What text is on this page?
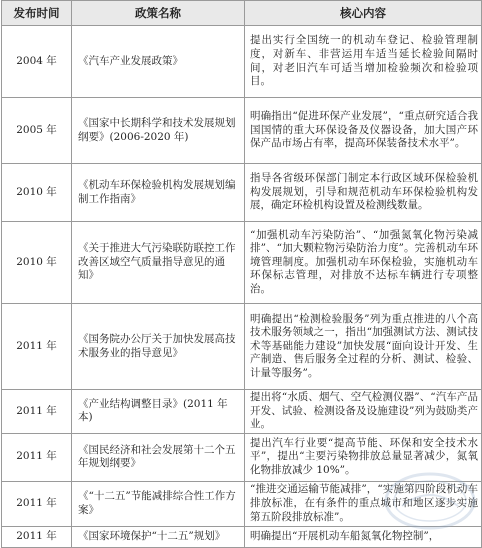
发布时间	政策名称	核心内容
2004 年	《汽车产业发展政策》	提出实行全国统一的机动车登记、检验管理制度，对新车、非营运用车适当延长检验间隔时间，对老旧汽车可适当增加检验频次和检验项目。
2005 年	《国家中长期科学和技术发展规划纲要》(2006-2020 年)	明确指出“促进环保产业发展”，“重点研究适合我国国情的重大环保设备及仪器设备，加大国产环保产品市场占有率，提高环保装备技术水平”。
2010 年	《机动车环保检验机构发展规划编制工作指南》	指导各省级环保部门制定本行政区域环保检验机构发展规划，引导和规范机动车环保检验机构发展，确定环检机构设置及检测线数量。
2010 年	《关于推进大气污染联防联控工作改善区域空气质量指导意见的通知》	“加强机动车污染防治”、“加强氮氧化物污染减排”、“加大颗粒物污染防治力度”。完善机动车环境管理制度。加强机动车环保检验，实施机动车环保标志管理，对排放不达标车辆进行专项整治。
2011 年	《国务院办公厅关于加快发展高技术服务业的指导意见》	明确提出“检测检验服务”列为重点推进的八个高技术服务领域之一，指出“加强测试方法、测试技术等基础能力建设”加快发展“面向设计开发、生产制造、售后服务全过程的分析、测试、检验、计量等服务”。
2011 年	《产业结构调整目录》(2011 年本)	提出将“水质、烟气、空气检测仪器”、“汽车产品开发、试验、检测设备及设施建设”列为鼓励类产业。
2011 年	《国民经济和社会发展第十二个五年规划纲要》	提出汽车行业要“提高节能、环保和安全技术水平”，提出“主要污染物排放总量显著减少，氮氧化物排放减少 10%”。
2011 年	《“十二五”节能减排综合性工作方案》	“推进交通运输节能减排”，“实施第四阶段机动车排放标准，在有条件的重点城市和地区逐步实施第五阶段排放标准”。
2011 年	《国家环境保护“十二五”规划》	明确提出“开展机动车船氮氧化物控制”，
